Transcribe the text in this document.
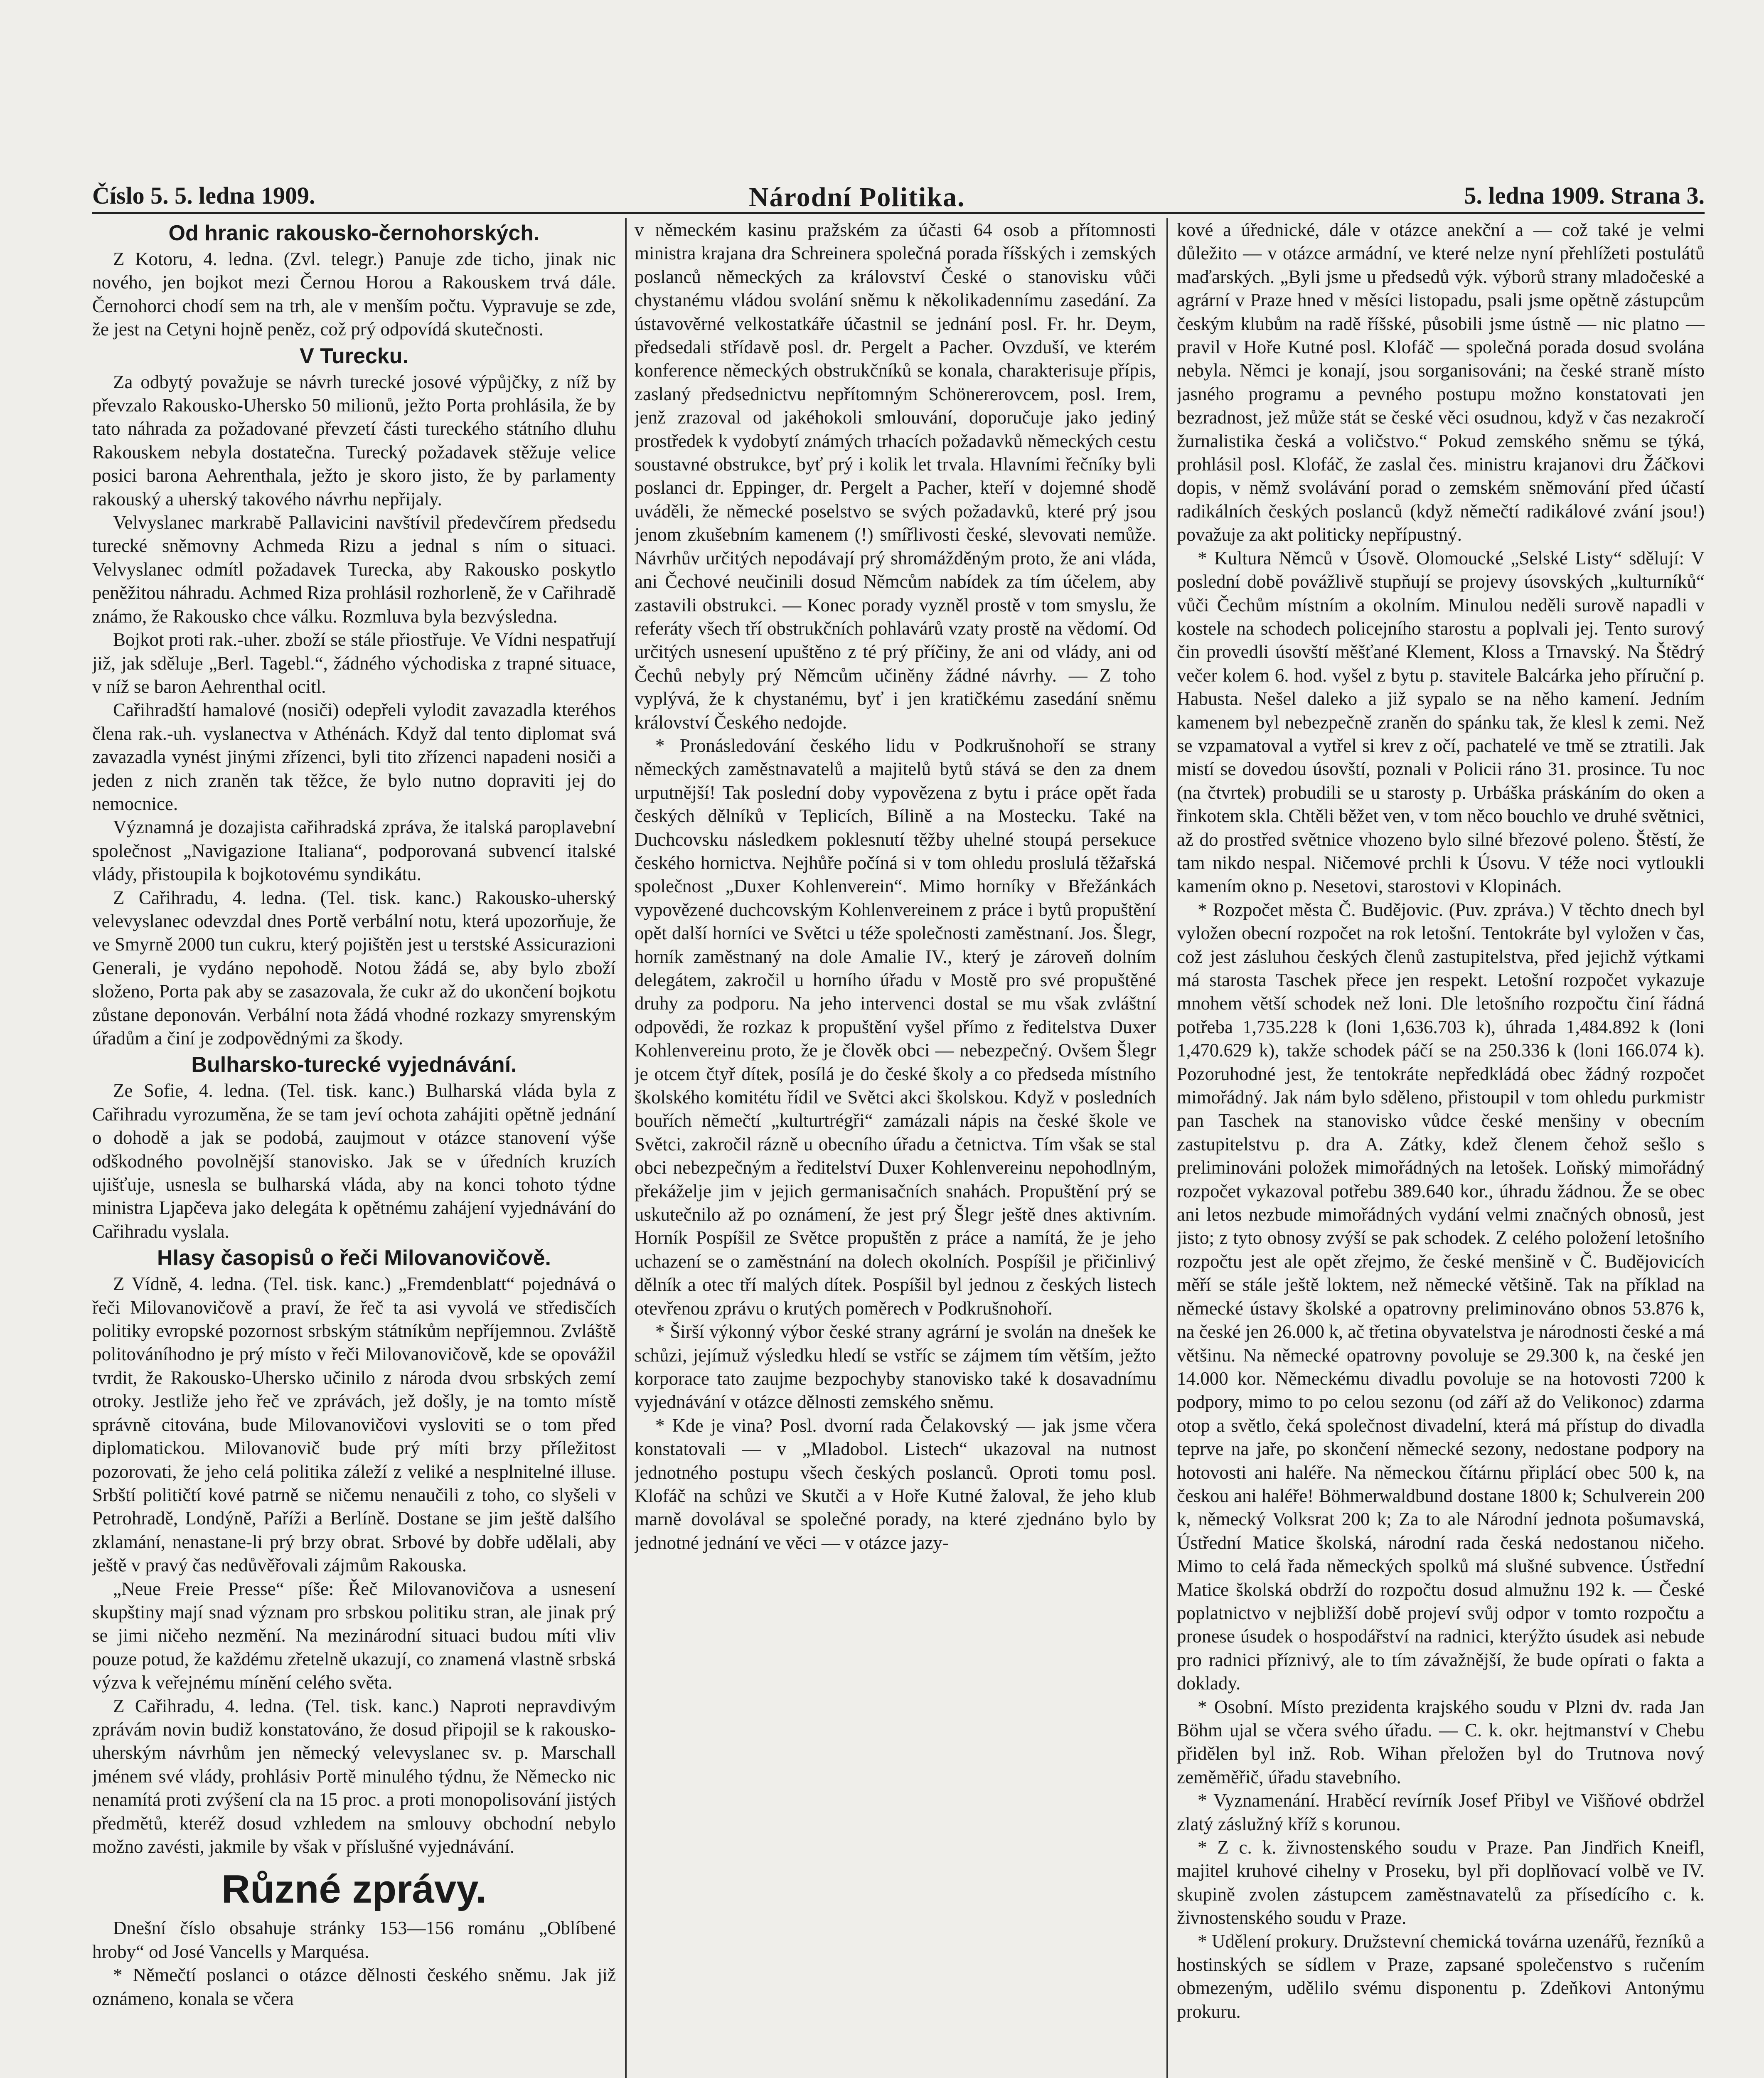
Číslo 5. 5. ledna 1909.	Národní Politika.	5. ledna 1909. Strana 3.
Od hranic rakousko-černohorských.

Z Kotoru, 4. ledna. (Zvl. telegr.) Panuje zde ticho, jinak nic nového, jen bojkot mezi Černou Horou a Rakouskem trvá dále. Černohorci chodí sem na trh, ale v menším počtu. Vypravuje se zde, že jest na Cetyni hojně peněz, což prý odpovídá skutečnosti.

V Turecku.

Za odbytý považuje se návrh turecké josové výpůjčky, z níž by převzalo Rakousko-Uhersko 50 milionů, ježto Porta prohlásila, že by tato náhrada za požadované převzetí části tureckého státního dluhu Rakouskem nebyla dostatečna. Turecký požadavek stěžuje velice posici barona Aehrenthala, ježto je skoro jisto, že by parlamenty rakouský a uherský takového návrhu nepřijaly.

Velvyslanec markrabě Pallavicini navštívil předevčírem předsedu turecké sněmovny Achmeda Rizu a jednal s ním o situaci. Velvyslanec odmítl požadavek Turecka, aby Rakousko poskytlo peněžitou náhradu. Achmed Riza prohlásil rozhorleně, že v Cařihradě známo, že Rakousko chce válku. Rozmluva byla bezvýsledna.

Bojkot proti rak.-uher. zboží se stále přiostřuje. Ve Vídni nespatřují již, jak sděluje „Berl. Tagebl.“, žádného východiska z trapné situace, v níž se baron Aehrenthal ocitl.

Cařihradští hamalové (nosiči) odepřeli vylodit zavazadla kteréhos člena rak.-uh. vyslanectva v Athénách. Když dal tento diplomat svá zavazadla vynést jinými zřízenci, byli tito zřízenci napadeni nosiči a jeden z nich zraněn tak těžce, že bylo nutno dopraviti jej do nemocnice.

Významná je dozajista cařihradská zpráva, že italská paroplavební společnost „Navigazione Italiana“, podporovaná subvencí italské vlády, přistoupila k bojkotovému syndikátu.

Z Cařihradu, 4. ledna. (Tel. tisk. kanc.) Rakousko-uherský velevyslanec odevzdal dnes Portě verbální notu, která upozorňuje, že ve Smyrně 2000 tun cukru, který pojištěn jest u terstské Assicurazioni Generali, je vydáno nepohodě. Notou žádá se, aby bylo zboží složeno, Porta pak aby se zasazovala, že cukr až do ukončení bojkotu zůstane deponován. Verbální nota žádá vhodné rozkazy smyrenským úřadům a činí je zodpovědnými za škody.

Bulharsko-turecké vyjednávání.

Ze Sofie, 4. ledna. (Tel. tisk. kanc.) Bulharská vláda byla z Cařihradu vyrozuměna, že se tam jeví ochota zahájiti opětně jednání o dohodě a jak se podobá, zaujmout v otázce stanovení výše odškodného povolnější stanovisko. Jak se v úředních kruzích ujišťuje, usnesla se bulharská vláda, aby na konci tohoto týdne ministra Ljapčeva jako delegáta k opětnému zahájení vyjednávání do Cařihradu vyslala.

Hlasy časopisů o řeči Milovanovičově.

Z Vídně, 4. ledna. (Tel. tisk. kanc.) „Fremdenblatt“ pojednává o řeči Milovanovičově a praví, že řeč ta asi vyvolá ve středisčích politiky evropské pozornost srbským státníkům nepříjemnou. Zvláště politováníhodno je prý místo v řeči Milovanovičově, kde se opovážil tvrdit, že Rakousko-Uhersko učinilo z národa dvou srbských zemí otroky. Jestliže jeho řeč ve zprávách, jež došly, je na tomto místě správně citována, bude Milovanovičovi vysloviti se o tom před diplomatickou. Milovanovič bude prý míti brzy příležitost pozorovati, že jeho celá politika záleží z veliké a nesplnitelné illuse. Srbští političtí kové patrně se ničemu nenaučili z toho, co slyšeli v Petrohradě, Londýně, Paříži a Berlíně. Dostane se jim ještě dalšího zklamání, nenastane-li prý brzy obrat. Srbové by dobře udělali, aby ještě v pravý čas nedůvěřovali zájmům Rakouska.

„Neue Freie Presse“ píše: Řeč Milovanovičova a usnesení skupštiny mají snad význam pro srbskou politiku stran, ale jinak prý se jimi ničeho nezmění. Na mezinárodní situaci budou míti vliv pouze potud, že každému zřetelně ukazují, co znamená vlastně srbská výzva k veřejnému mínění celého světa.

Z Cařihradu, 4. ledna. (Tel. tisk. kanc.) Naproti nepravdivým zprávám novin budiž konstatováno, že dosud připojil se k rakousko-uherským návrhům jen německý velevyslanec sv. p. Marschall jménem své vlády, prohlásiv Portě minulého týdnu, že Německo nic nenamítá proti zvýšení cla na 15 proc. a proti monopolisování jistých předmětů, kteréž dosud vzhledem na smlouvy obchodní nebylo možno zavésti, jakmile by však v příslušné vyjednávání.

Různé zprávy.

Dnešní číslo obsahuje stránky 153—156 románu „Oblíbené hroby“ od José Vancells y Marquésa.

* Němečtí poslanci o otázce dělnosti českého sněmu. Jak již oznámeno, konala se včera

v německém kasinu pražském za účasti 64 osob a přítomnosti ministra krajana dra Schreinera společná porada říšských i zemských poslanců německých za království České o stanovisku vůči chystanému vládou svolání sněmu k několikadennímu zasedání. Za ústavověrné velkostatkáře účastnil se jednání posl. Fr. hr. Deym, předsedali střídavě posl. dr. Pergelt a Pacher. Ovzduší, ve kterém konference německých obstrukčníků se konala, charakterisuje přípis, zaslaný předsednictvu nepřítomným Schönererovcem, posl. Irem, jenž zrazoval od jakéhokoli smlouvání, doporučuje jako jediný prostředek k vydobytí známých trhacích požadavků německých cestu soustavné obstrukce, byť prý i kolik let trvala. Hlavními řečníky byli poslanci dr. Eppinger, dr. Pergelt a Pacher, kteří v dojemné shodě uváděli, že německé poselstvo se svých požadavků, které prý jsou jenom zkušebním kamenem (!) smířlivosti české, slevovati nemůže. Návrhův určitých nepodávají prý shromážděným proto, že ani vláda, ani Čechové neučinili dosud Němcům nabídek za tím účelem, aby zastavili obstrukci. — Konec porady vyzněl prostě v tom smyslu, že referáty všech tří obstrukčních pohlavárů vzaty prostě na vědomí. Od určitých usnesení upuštěno z té prý příčiny, že ani od vlády, ani od Čechů nebyly prý Němcům učiněny žádné návrhy. — Z toho vyplývá, že k chystanému, byť i jen kratičkému zasedání sněmu království Českého nedojde.

* Pronásledování českého lidu v Podkrušnohoří se strany německých zaměstnavatelů a majitelů bytů stává se den za dnem urputnější! Tak poslední doby vypovězena z bytu i práce opět řada českých dělníků v Teplicích, Bílině a na Mostecku. Také na Duchcovsku následkem poklesnutí těžby uhelné stoupá persekuce českého hornictva. Nejhůře počíná si v tom ohledu proslulá těžařská společnost „Duxer Kohlenverein“. Mimo horníky v Břežánkách vypovězené duchcovským Kohlenvereinem z práce i bytů propuštění opět další horníci ve Světci u téže společnosti zaměstnaní. Jos. Šlegr, horník zaměstnaný na dole Amalie IV., který je zároveň dolním delegátem, zakročil u horního úřadu v Mostě pro své propuštěné druhy za podporu. Na jeho intervenci dostal se mu však zvláštní odpovědi, že rozkaz k propuštění vyšel přímo z ředitelstva Duxer Kohlenvereinu proto, že je člověk obci — nebezpečný. Ovšem Šlegr je otcem čtyř dítek, posílá je do české školy a co předseda místního školského komitétu řídil ve Světci akci školskou. Když v posledních bouřích němečtí „kulturtrégři“ zamázali nápis na české škole ve Světci, zakročil rázně u obecního úřadu a četnictva. Tím však se stal obci nebezpečným a ředitelství Duxer Kohlenvereinu nepohodlným, překáželje jim v jejich germanisačních snahách. Propuštění prý se uskutečnilo až po oznámení, že jest prý Šlegr ještě dnes aktivním. Horník Pospíšil ze Světce propuštěn z práce a namítá, že je jeho uchazení se o zaměstnání na dolech okolních. Pospíšil je přičinlivý dělník a otec tří malých dítek. Pospíšil byl jednou z českých listech otevřenou zprávu o krutých poměrech v Podkrušnohoří.

* Širší výkonný výbor české strany agrární je svolán na dnešek ke schůzi, jejímuž výsledku hledí se vstříc se zájmem tím větším, ježto korporace tato zaujme bezpochyby stanovisko také k dosavadnímu vyjednávání v otázce dělnosti zemského sněmu.

* Kde je vina? Posl. dvorní rada Čelakovský — jak jsme včera konstatovali — v „Mladobol. Listech“ ukazoval na nutnost jednotného postupu všech českých poslanců. Oproti tomu posl. Klofáč na schůzi ve Skutči a v Hoře Kutné žaloval, že jeho klub marně dovolával se společné porady, na které zjednáno bylo by jednotné jednání ve věci — v otázce jazy-

kové a úřednické, dále v otázce anekční a — což také je velmi důležito — v otázce armádní, ve které nelze nyní přehlížeti postulátů maďarských. „Byli jsme u předsedů výk. výborů strany mladočeské a agrární v Praze hned v měsíci listopadu, psali jsme opětně zástupcům českým klubům na radě říšské, působili jsme ústně — nic platno — pravil v Hoře Kutné posl. Klofáč — společná porada dosud svolána nebyla. Němci je konají, jsou sorganisováni; na české straně místo jasného programu a pevného postupu možno konstatovati jen bezradnost, jež může stát se české věci osudnou, když v čas nezakročí žurnalistika česká a voličstvo.“ Pokud zemského sněmu se týká, prohlásil posl. Klofáč, že zaslal čes. ministru krajanovi dru Žáčkovi dopis, v němž svolávání porad o zemském sněmování před účastí radikálních českých poslanců (když němečtí radikálové zvání jsou!) považuje za akt politicky nepřípustný.

* Kultura Němců v Úsově. Olomoucké „Selské Listy“ sdělují: V poslední době povážlivě stupňují se projevy úsovských „kulturníků“ vůči Čechům místním a okolním. Minulou neděli surově napadli v kostele na schodech policejního starostu a poplvali jej. Tento surový čin provedli úsovští měšťané Klement, Kloss a Trnavský. Na Štědrý večer kolem 6. hod. vyšel z bytu p. stavitele Balcárka jeho příruční p. Habusta. Nešel daleko a již sypalo se na něho kamení. Jedním kamenem byl nebezpečně zraněn do spánku tak, že klesl k zemi. Než se vzpamatoval a vytřel si krev z očí, pachatelé ve tmě se ztratili. Jak mistí se dovedou úsovští, poznali v Policii ráno 31. prosince. Tu noc (na čtvrtek) probudili se u starosty p. Urbáška práskáním do oken a řinkotem skla. Chtěli běžet ven, v tom něco bouchlo ve druhé světnici, až do prostřed světnice vhozeno bylo silné březové poleno. Štěstí, že tam nikdo nespal. Ničemové prchli k Úsovu. V téže noci vytloukli kamením okno p. Nesetovi, starostovi v Klopinách.

* Rozpočet města Č. Budějovic. (Puv. zpráva.) V těchto dnech byl vyložen obecní rozpočet na rok letošní. Tentokráte byl vyložen v čas, což jest zásluhou českých členů zastupitelstva, před jejichž výtkami má starosta Taschek přece jen respekt. Letošní rozpočet vykazuje mnohem větší schodek než loni. Dle letošního rozpočtu činí řádná potřeba 1,735.228 k (loni 1,636.703 k), úhrada 1,484.892 k (loni 1,470.629 k), takže schodek páčí se na 250.336 k (loni 166.074 k). Pozoruhodné jest, že tentokráte nepředkládá obec žádný rozpočet mimořádný. Jak nám bylo sděleno, přistoupil v tom ohledu purkmistr pan Taschek na stanovisko vůdce české menšiny v obecním zastupitelstvu p. dra A. Zátky, kdež členem čehož sešlo s preliminováni položek mimořádných na letošek. Loňský mimořádný rozpočet vykazoval potřebu 389.640 kor., úhradu žádnou. Že se obec ani letos nezbude mimořádných vydání velmi značných obnosů, jest jisto; z tyto obnosy zvýší se pak schodek. Z celého položení letošního rozpočtu jest ale opět zřejmo, že české menšině v Č. Budějovicích měří se stále ještě loktem, než německé většině. Tak na příklad na německé ústavy školské a opatrovny preliminováno obnos 53.876 k, na české jen 26.000 k, ač třetina obyvatelstva je národnosti české a má většinu. Na německé opatrovny povoluje se 29.300 k, na české jen 14.000 kor. Německému divadlu povoluje se na hotovosti 7200 k podpory, mimo to po celou sezonu (od září až do Velikonoc) zdarma otop a světlo, čeká společnost divadelní, která má přístup do divadla teprve na jaře, po skončení německé sezony, nedostane podpory na hotovosti ani haléře. Na německou čítárnu připlácí obec 500 k, na českou ani haléře! Böhmerwaldbund dostane 1800 k; Schulverein 200 k, německý Volksrat 200 k; Za to ale Národní jednota pošumavská, Ústřední Matice školská, národní rada česká nedostanou ničeho. Mimo to celá řada německých spolků má slušné subvence. Ústřední Matice školská obdrží do rozpočtu dosud almužnu 192 k. — České poplatnictvo v nejbližší době projeví svůj odpor v tomto rozpočtu a pronese úsudek o hospodářství na radnici, kterýžto úsudek asi nebude pro radnici příznivý, ale to tím závažnější, že bude opírati o fakta a doklady.

* Osobní. Místo prezidenta krajského soudu v Plzni dv. rada Jan Böhm ujal se včera svého úřadu. — C. k. okr. hejtmanství v Chebu přidělen byl inž. Rob. Wihan přeložen byl do Trutnova nový zeměměřič, úřadu stavebního.

* Vyznamenání. Hraběcí revírník Josef Přibyl ve Višňové obdržel zlatý záslužný kříž s korunou.

* Z c. k. živnostenského soudu v Praze. Pan Jindřich Kneifl, majitel kruhové cihelny v Proseku, byl při doplňovací volbě ve IV. skupině zvolen zástupcem zaměstnavatelů za přísedícího c. k. živnostenského soudu v Praze.

* Udělení prokury. Družstevní chemická továrna uzenářů, řezníků a hostinských se sídlem v Praze, zapsané společenstvo s ručením obmezeným, udělilo svému disponentu p. Zdeňkovi Antonýmu prokuru.
